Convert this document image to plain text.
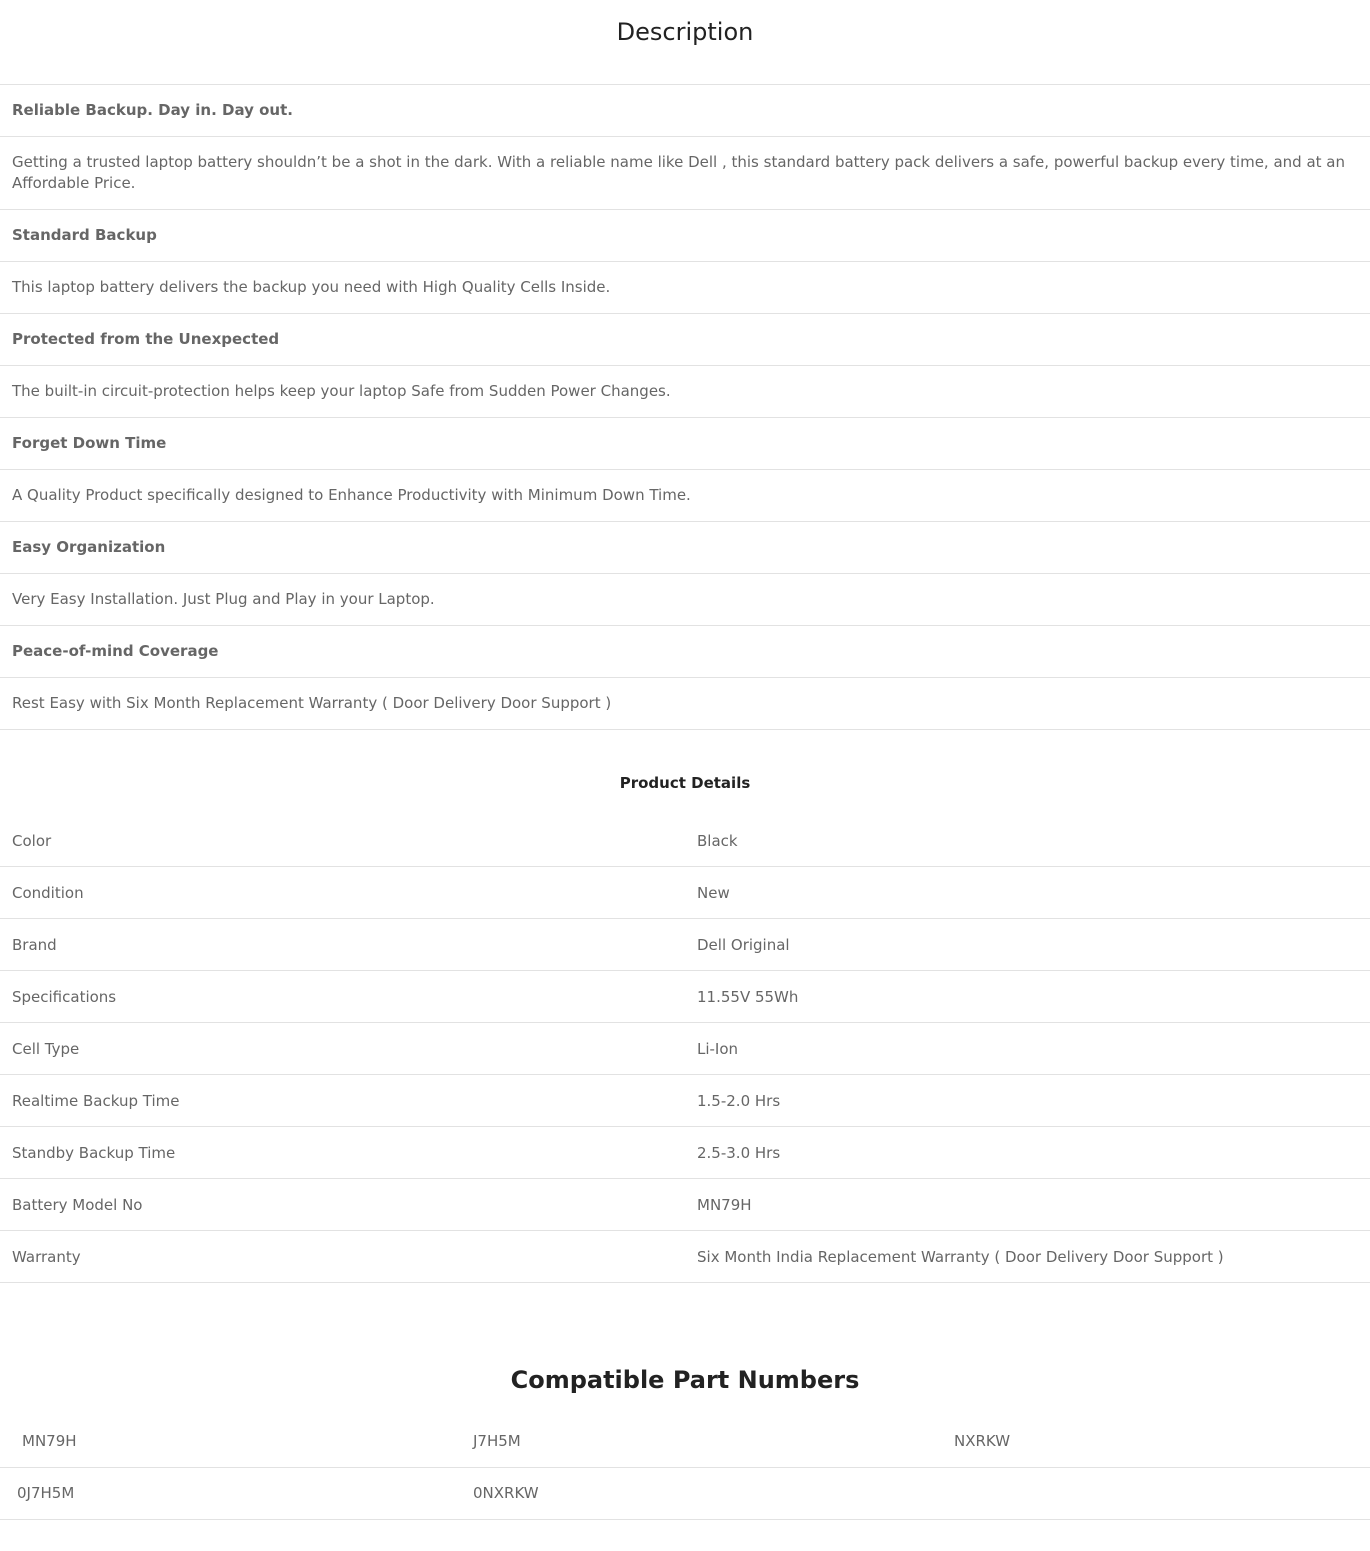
Description
Reliable Backup. Day in. Day out.
Getting a trusted laptop battery shouldn’t be a shot in the dark. With a reliable name like Dell , this standard battery pack delivers a safe, powerful backup every time, and at an Affordable Price.
Standard Backup
This laptop battery delivers the backup you need with High Quality Cells Inside.
Protected from the Unexpected
The built-in circuit-protection helps keep your laptop Safe from Sudden Power Changes.
Forget Down Time
A Quality Product specifically designed to Enhance Productivity with Minimum Down Time.
Easy Organization
Very Easy Installation. Just Plug and Play in your Laptop.
Peace-of-mind Coverage
Rest Easy with Six Month Replacement Warranty ( Door Delivery Door Support )
Product Details
Color	Black
Condition	New
Brand	Dell Original
Specifications	11.55V 55Wh
Cell Type	Li-Ion
Realtime Backup Time	1.5-2.0 Hrs
Standby Backup Time	2.5-3.0 Hrs
Battery Model No	MN79H
Warranty	Six Month India Replacement Warranty ( Door Delivery Door Support )
Compatible Part Numbers
MN79H	J7H5M	NXRKW
0J7H5M	0NXRKW
